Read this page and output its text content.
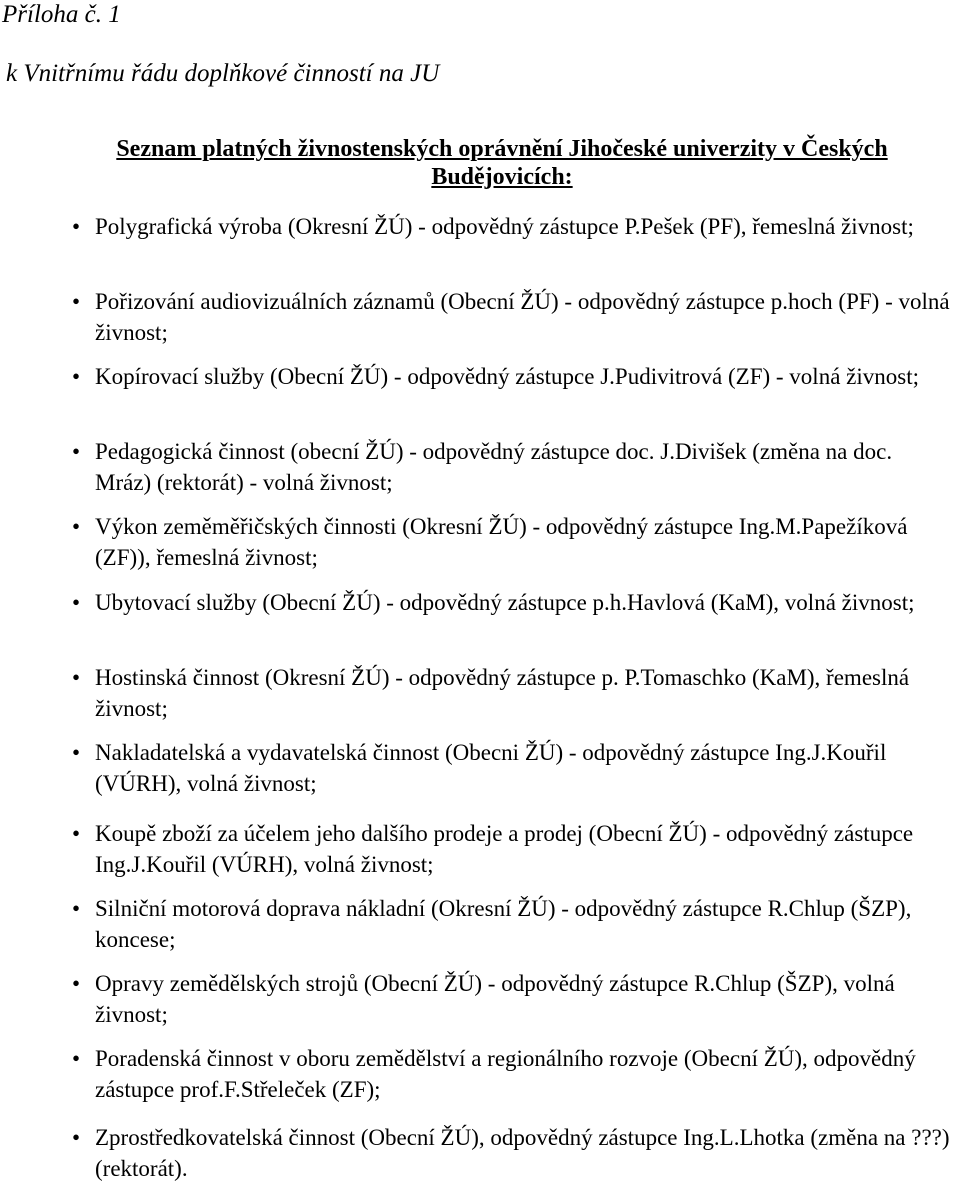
Příloha č. 1

k Vnitřnímu řádu doplňkové činností na JU

Seznam platných živnostenských oprávnění Jihočeské univerzity v Českých Budějovicích:

• Polygrafická výroba (Okresní ŽÚ) - odpovědný zástupce P.Pešek (PF), řemeslná živnost;
• Pořizování audiovizuálních záznamů (Obecní ŽÚ) - odpovědný zástupce p.hoch (PF) - volná živnost;
• Kopírovací služby (Obecní ŽÚ) - odpovědný zástupce J.Pudivitrová (ZF) - volná živnost;
• Pedagogická činnost (obecní ŽÚ) - odpovědný zástupce doc. J.Divišek (změna na doc. Mráz) (rektorát) - volná živnost;
• Výkon zeměměřičských činnosti (Okresní ŽÚ) - odpovědný zástupce Ing.M.Papežíková (ZF)), řemeslná živnost;
• Ubytovací služby (Obecní ŽÚ) - odpovědný zástupce p.h.Havlová (KaM), volná živnost;
• Hostinská činnost (Okresní ŽÚ) - odpovědný zástupce p. P.Tomaschko (KaM), řemeslná živnost;
• Nakladatelská a vydavatelská činnost (Obecni ŽÚ) - odpovědný zástupce Ing.J.Kouřil (VÚRH), volná živnost;
• Koupě zboží za účelem jeho dalšího prodeje a prodej (Obecní ŽÚ) - odpovědný zástupce Ing.J.Kouřil (VÚRH), volná živnost;
• Silniční motorová doprava nákladní (Okresní ŽÚ) - odpovědný zástupce R.Chlup (ŠZP), koncese;
• Opravy zemědělských strojů (Obecní ŽÚ) - odpovědný zástupce R.Chlup (ŠZP), volná živnost;
• Poradenská činnost v oboru zemědělství a regionálního rozvoje (Obecní ŽÚ), odpovědný zástupce prof.F.Střeleček (ZF);
• Zprostředkovatelská činnost (Obecní ŽÚ), odpovědný zástupce Ing.L.Lhotka (změna na ???) (rektorát).
